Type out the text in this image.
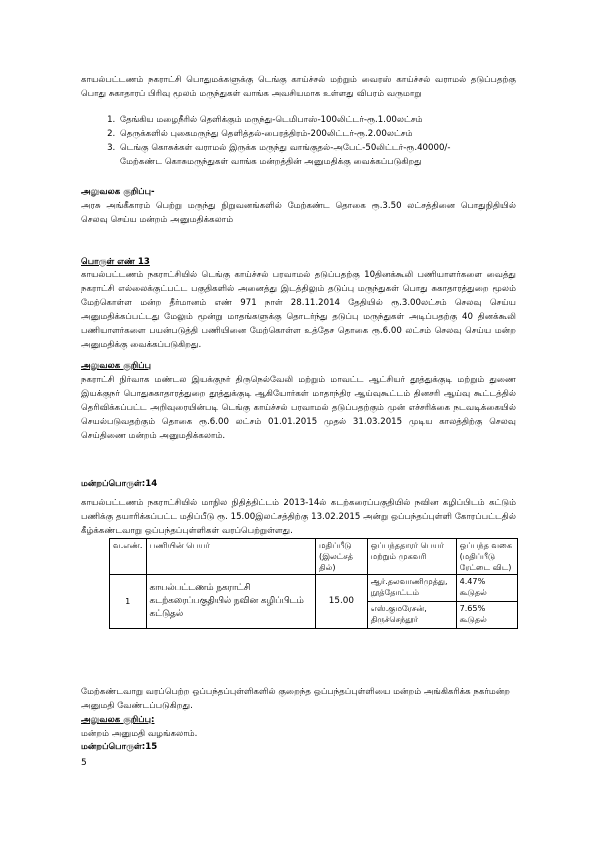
காயல்பட்டணம் நகராட்சி பொதுமக்களுக்கு டெங்கு காய்ச்சல் மற்றும் வைரஸ் காய்ச்சல் வராமல் தடுப்பதற்கு பொது சுகாதாரப் பிரிவு மூலம் மருந்துகள் வாங்க அவசியமாக உள்ளது விபரம் வருமாறு

1. தேங்கிய மழைநீரில் தெளிக்கும் மருந்து-டெமிபாஸ்-100லிட்டர்-ரூ.1.00லட்சம்
2. தெருக்களில் புகைமருந்து தெளித்தல்-பைரத்திரம்-200லிட்டர்-ரூ.2.00லட்சம்
3. டெங்கு கொசுக்கள் வராமல் இருக்க மருந்து வாங்குதல்-அபேட்-50லிட்டர்-ரூ.40000/-
மேற்கண்ட கொசுமருந்துகள் வாங்க மன்றத்தின் அனுமதிக்கு வைக்கப்படுகிறது

அலுவலக குறிப்பு-

அரசு அங்கீகாரம் பெற்று மருந்து நிறுவனங்களில் மேற்கண்ட தொகை ரூ.3.50 லட்சத்தினை பொதுநிதியில் செலவு செய்ய மன்றம் அனுமதிக்கலாம்

பொருள் எண் 13

காயல்பட்டணம் நகராட்சியில் டெங்கு காய்ச்சல் பரவாமல் தடுப்பதற்கு 10தினக்கூலி பணியாளர்களை வைத்து நகராட்சி எல்லைக்குட்பட்ட பகுதிகளில் அனைத்து இடத்திலும் தடுப்பு மருந்துகள் பொது சுகாதாரத்துறை மூலம் மேற்கொள்ள மன்ற தீர்மானம் எண் 971 நாள் 28.11.2014 தேதியில் ரூ.3.00லட்சம் செலவு செய்ய அனுமதிக்கப்பட்டது மேலும் மூன்று மாதங்களுக்கு தொடர்ந்து தடுப்பு மருந்துகள் அடிப்பதற்கு 40 தினக்கூலி பணியாளர்களை பயன்படுத்தி பணியினை மேற்கொள்ள உத்தேச தொகை ரூ.6.00 லட்சம் செலவு செய்ய மன்ற அனுமதிக்கு வைக்கப்படுகிறது.

அலுவலக குறிப்பு

நகராட்சி நிர்வாக மண்டல இயக்குநர் திருநெல்வேலி மற்றும் மாவட்ட ஆட்சியர் தூத்துக்குடி மற்றும் துணை இயக்குநர் பொதுசுகாதாரத்துறை தூத்துக்குடி ஆகியோர்கள் மாதாந்திர ஆய்வுகூட்டம் தினசரி ஆய்வு கூட்டத்தில் தெரிவிக்கப்பட்ட அறிவுரையின்படி டெங்கு காய்ச்சல் பரவாமல் தடுப்பதற்கும் முன் எச்சரிக்கை நடவடிக்கையில் செயல்படுவதற்கும் தொகை ரூ.6.00 லட்சம் 01.01.2015 முதல் 31.03.2015 முடிய காலத்திற்கு செலவு செய்திணை மன்றம் அனுமதிக்கலாம்.

மன்றப்பொருள்:14

காயல்பட்டணம் நகராட்சியில் மாநில நிதித்திட்டம் 2013-14ல் கடற்கரைப்பகுதியில் நவின கழிப்பிடம் கட்டும் பணிக்கு தயாரிக்கப்பட்ட மதிப்பீடு ரூ. 15.00இலட்சத்திற்கு 13.02.2015 அன்று ஒப்பந்தப்புள்ளி கோரப்பட்டதில் கீழ்க்கண்டவாறு ஒப்பந்தப்புள்ளிகள் வரப்பெற்றுள்ளது.

வ.எண்.	பணியின் பெயர்	மதிப்பீடு (இலட்சத் தில்)	ஒப்பந்ததாரர் பெயர் மற்றும் முகவரி	ஒப்பந்த வகை (மதிப்பீடு ரேட்டை விட)
1	காயல்பட்டணம் நகராட்சி கடற்கரைப்பகுதியில் நவின கழிப்பிடம் கட்டுதல்	15.00	ஆர்.தலவாணிமுத்து, நூத்தோட்டம்	4.47% கூடுதல்
			எஸ்.குமரேசன், திருச்செந்தூர்	7.65% கூடுதல்

மேற்கண்டவாறு வரப்பெற்ற ஒப்பந்தப்புள்ளிகளில் குறைந்த ஒப்பந்தப்புள்ளியை மன்றம் அங்கிகரிக்க நகர்மன்ற அனுமதி வேண்டப்படுகிறது.

அலுவலக குறிப்பு:

மன்றம் அனுமதி வழங்கலாம்.

மன்றப்பொருள்:15

5
